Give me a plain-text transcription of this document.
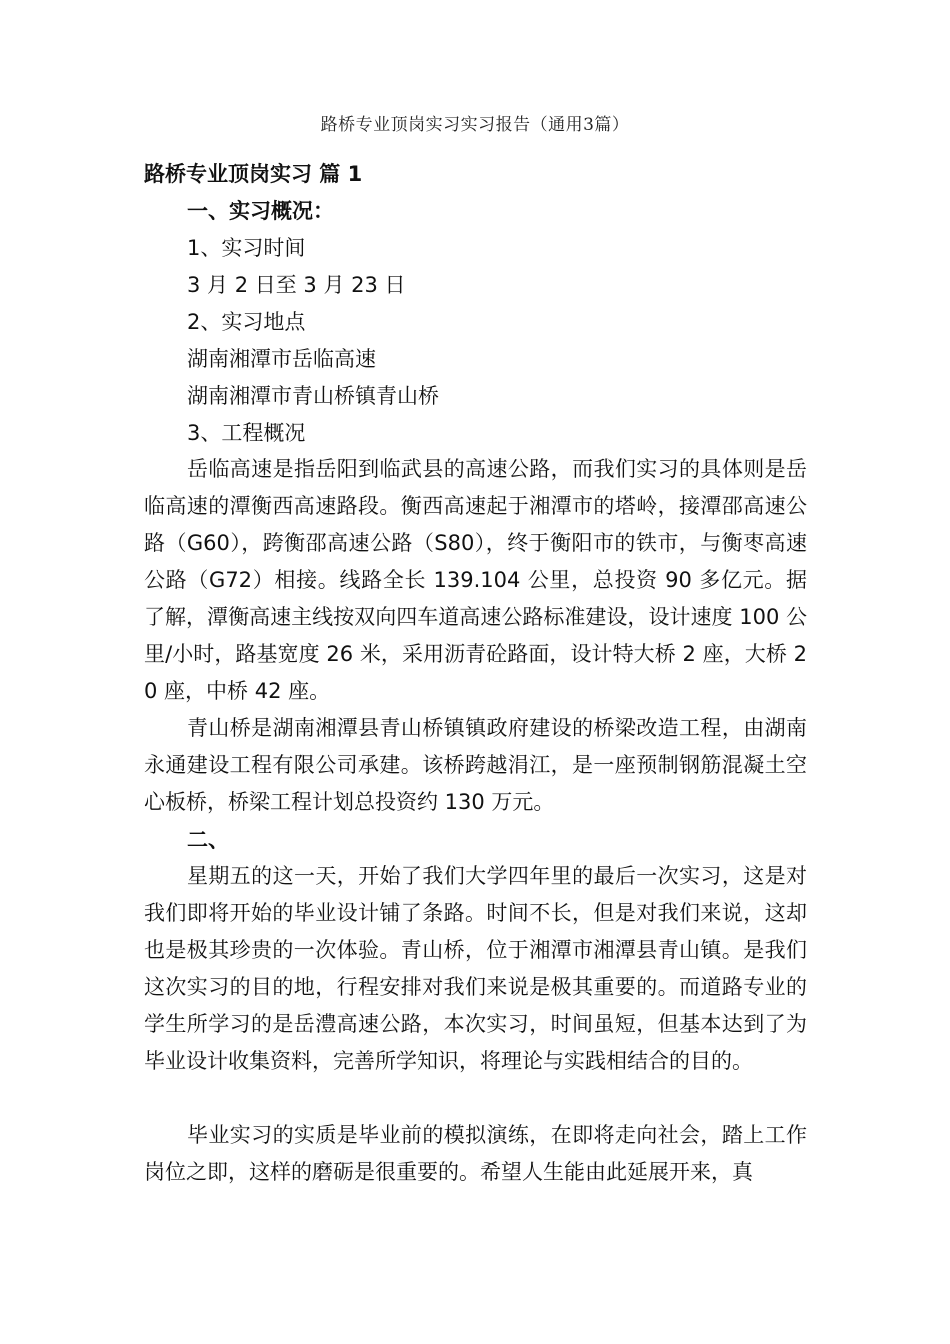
路桥专业顶岗实习实习报告（通用3篇）
路桥专业顶岗实习 篇 1
一、实习概况：
1、实习时间
3 月 2 日至 3 月 23 日
2、实习地点
湖南湘潭市岳临高速
湖南湘潭市青山桥镇青山桥
3、工程概况
岳临高速是指岳阳到临武县的高速公路，而我们实习的具体则是岳临高速的潭衡西高速路段。衡西高速起于湘潭市的塔岭，接潭邵高速公路（G60），跨衡邵高速公路（S80），终于衡阳市的铁市，与衡枣高速公路（G72）相接。线路全长 139.104 公里，总投资 90 多亿元。据了解，潭衡高速主线按双向四车道高速公路标准建设，设计速度 100 公里/小时，路基宽度 26 米，采用沥青砼路面，设计特大桥 2 座，大桥 20 座，中桥 42 座。
青山桥是湖南湘潭县青山桥镇镇政府建设的桥梁改造工程，由湖南永通建设工程有限公司承建。该桥跨越涓江，是一座预制钢筋混凝土空心板桥，桥梁工程计划总投资约 130 万元。
二、
星期五的这一天，开始了我们大学四年里的最后一次实习，这是对我们即将开始的毕业设计铺了条路。时间不长，但是对我们来说，这却也是极其珍贵的一次体验。青山桥，位于湘潭市湘潭县青山镇。是我们这次实习的目的地，行程安排对我们来说是极其重要的。而道路专业的学生所学习的是岳澧高速公路，本次实习，时间虽短，但基本达到了为毕业设计收集资料，完善所学知识，将理论与实践相结合的目的。
毕业实习的实质是毕业前的模拟演练，在即将走向社会，踏上工作岗位之即，这样的磨砺是很重要的。希望人生能由此延展开来，真
